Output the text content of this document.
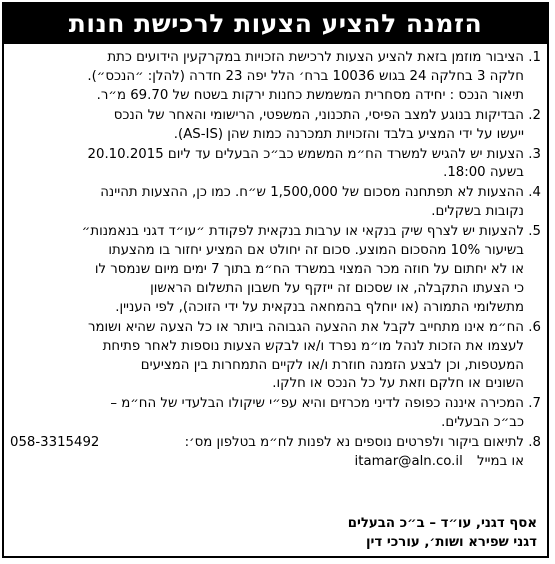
הזמנה להציע הצעות לרכישת חנות
1.
הציבור מוזמן בזאת להציע הצעות לרכישת הזכויות במקרקעין הידועים כתת
חלקה 3 בחלקה 24 בגוש 10036 ברח׳ הלל יפה 23 חדרה (להלן: ״הנכס״).
תיאור הנכס : יחידה מסחרית המשמשת כחנות ירקות בשטח של 69.70 מ״ר.
2.
הבדיקות בנוגע למצב הפיסי, התכנוני, המשפטי, הרישומי והאחר של הנכס
ייעשו על ידי המציע בלבד והזכויות תמכרנה כמות שהן (AS-IS).
3.
הצעות יש להגיש למשרד הח״מ המשמש כב״כ הבעלים עד ליום 20.10.2015
בשעה 18:00.
4.
ההצעות לא תפתחנה מסכום של 1,500,000 ש״ח. כמו כן, ההצעות תהיינה
נקובות בשקלים.
5.
להצעות יש לצרף שיק בנקאי או ערבות בנקאית לפקודת ״עו״ד דגני בנאמנות״
בשיעור 10% מהסכום המוצע. סכום זה יחולט אם המציע יחזור בו מהצעתו
או לא יחתום על חוזה מכר המצוי במשרד הח״מ בתוך 7 ימים מיום שנמסר לו
כי הצעתו התקבלה, או שסכום זה ייזקף על חשבון התשלום הראשון
מתשלומי התמורה (או יוחלף בהמחאה בנקאית על ידי הזוכה), לפי העניין.
6.
הח״מ אינו מתחייב לקבל את ההצעה הגבוהה ביותר או כל הצעה שהיא ושומר
לעצמו את הזכות לנהל מו״מ נפרד ו/או לבקש הצעות נוספות לאחר פתיחת
המעטפות, וכן לבצע הזמנה חוזרת ו/או לקיים התמחרות בין המציעים
השונים או חלקם וזאת על כל הנכס או חלקו.
7.
המכירה איננה כפופה לדיני מכרזים והיא עפ״י שיקולו הבלעדי של הח״מ –
כב״כ הבעלים.
8.
לתיאום ביקור ולפרטים נוספים נא לפנות לח״מ בטלפון מס׳:
058-3315492
או במייל itamar@aln.co.il
אסף דגני, עו״ד – ב״כ הבעלים
דגני שפירא ושות׳, עורכי דין
